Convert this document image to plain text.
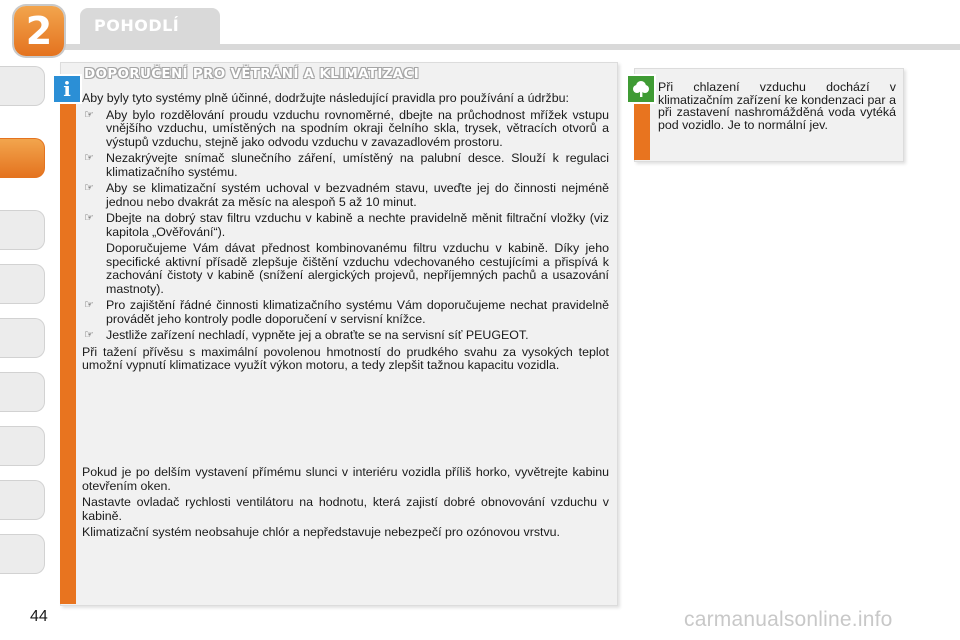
2	POHODLÍ
i
DOPORUČENÍ PRO VĚTRÁNÍ A KLIMATIZACI

Aby byly tyto systémy plně účinné, dodržujte následující pravidla pro používání a údržbu:

☞ Aby bylo rozdělování proudu vzduchu rovnoměrné, dbejte na průchodnost mřížek vstupu vnějšího vzduchu, umístěných na spodním okraji čelního skla, trysek, větracích otvorů a výstupů vzduchu, stejně jako odvodu vzduchu v zavazadlovém prostoru.
☞ Nezakrývejte snímač slunečního záření, umístěný na palubní desce. Slouží k regulaci klimatizačního systému.
☞ Aby se klimatizační systém uchoval v bezvadném stavu, uveďte jej do činnosti nejméně jednou nebo dvakrát za měsíc na alespoň 5 až 10 minut.
☞ Dbejte na dobrý stav filtru vzduchu v kabině a nechte pravidelně měnit filtrační vložky (viz kapitola „Ověřování“).

Doporučujeme Vám dávat přednost kombinovanému filtru vzduchu v kabině. Díky jeho specifické aktivní přísadě zlepšuje čištění vzduchu vdechovaného cestujícími a přispívá k zachování čistoty v kabině (snížení alergických projevů, nepříjemných pachů a usazování mastnoty).

☞ Pro zajištění řádné činnosti klimatizačního systému Vám doporučujeme nechat pravidelně provádět jeho kontroly podle doporučení v servisní knížce.
☞ Jestliže zařízení nechladí, vypněte jej a obraťte se na servisní síť PEUGEOT.

Při tažení přívěsu s maximální povolenou hmotností do prudkého svahu za vysokých teplot umožní vypnutí klimatizace využít výkon motoru, a tedy zlepšit tažnou kapacitu vozidla.

Pokud je po delším vystavení přímému slunci v interiéru vozidla příliš horko, vyvětrejte kabinu otevřením oken.

Nastavte ovladač rychlosti ventilátoru na hodnotu, která zajistí dobré obnovování vzduchu v kabině.

Klimatizační systém neobsahuje chlór a nepředstavuje nebezpečí pro ozónovou vrstvu.

Při chlazení vzduchu dochází v klimatizačním zařízení ke kondenzaci par a při zastavení nashromážděná voda vytéká pod vozidlo. Je to normální jev.
44	carmanualsonline.info
